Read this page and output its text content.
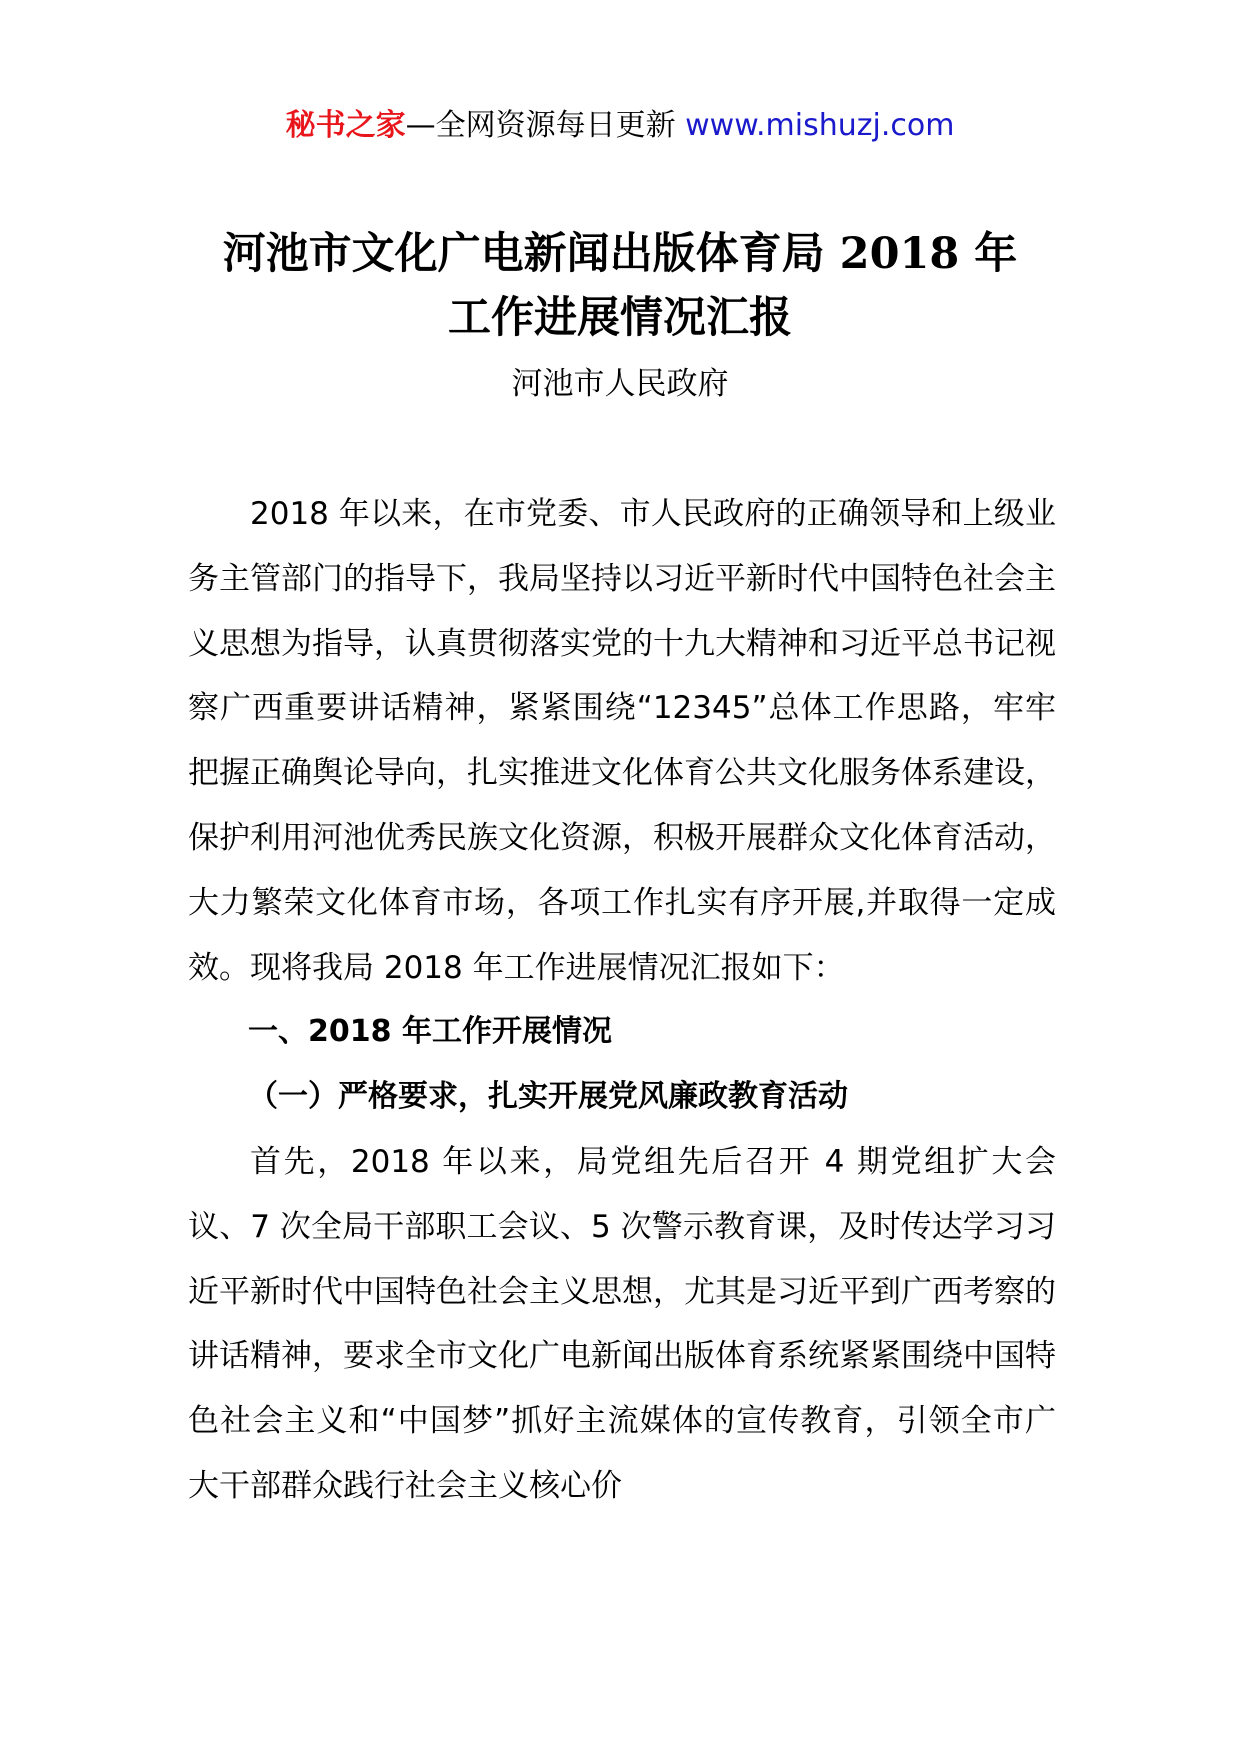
秘书之家—全网资源每日更新 www.mishuzj.com
河池市文化广电新闻出版体育局 2018 年
工作进展情况汇报
河池市人民政府

2018 年以来，在市党委、市人民政府的正确领导和上级业务主管部门的指导下，我局坚持以习近平新时代中国特色社会主义思想为指导，认真贯彻落实党的十九大精神和习近平总书记视察广西重要讲话精神，紧紧围绕“12345”总体工作思路，牢牢把握正确舆论导向，扎实推进文化体育公共文化服务体系建设，保护利用河池优秀民族文化资源，积极开展群众文化体育活动，大力繁荣文化体育市场，各项工作扎实有序开展,并取得一定成效。现将我局 2018 年工作进展情况汇报如下：

一、2018 年工作开展情况

（一）严格要求，扎实开展党风廉政教育活动

首先，2018 年以来，局党组先后召开 4 期党组扩大会议、7 次全局干部职工会议、5 次警示教育课，及时传达学习习近平新时代中国特色社会主义思想，尤其是习近平到广西考察的讲话精神，要求全市文化广电新闻出版体育系统紧紧围绕中国特色社会主义和“中国梦”抓好主流媒体的宣传教育，引领全市广大干部群众践行社会主义核心价
